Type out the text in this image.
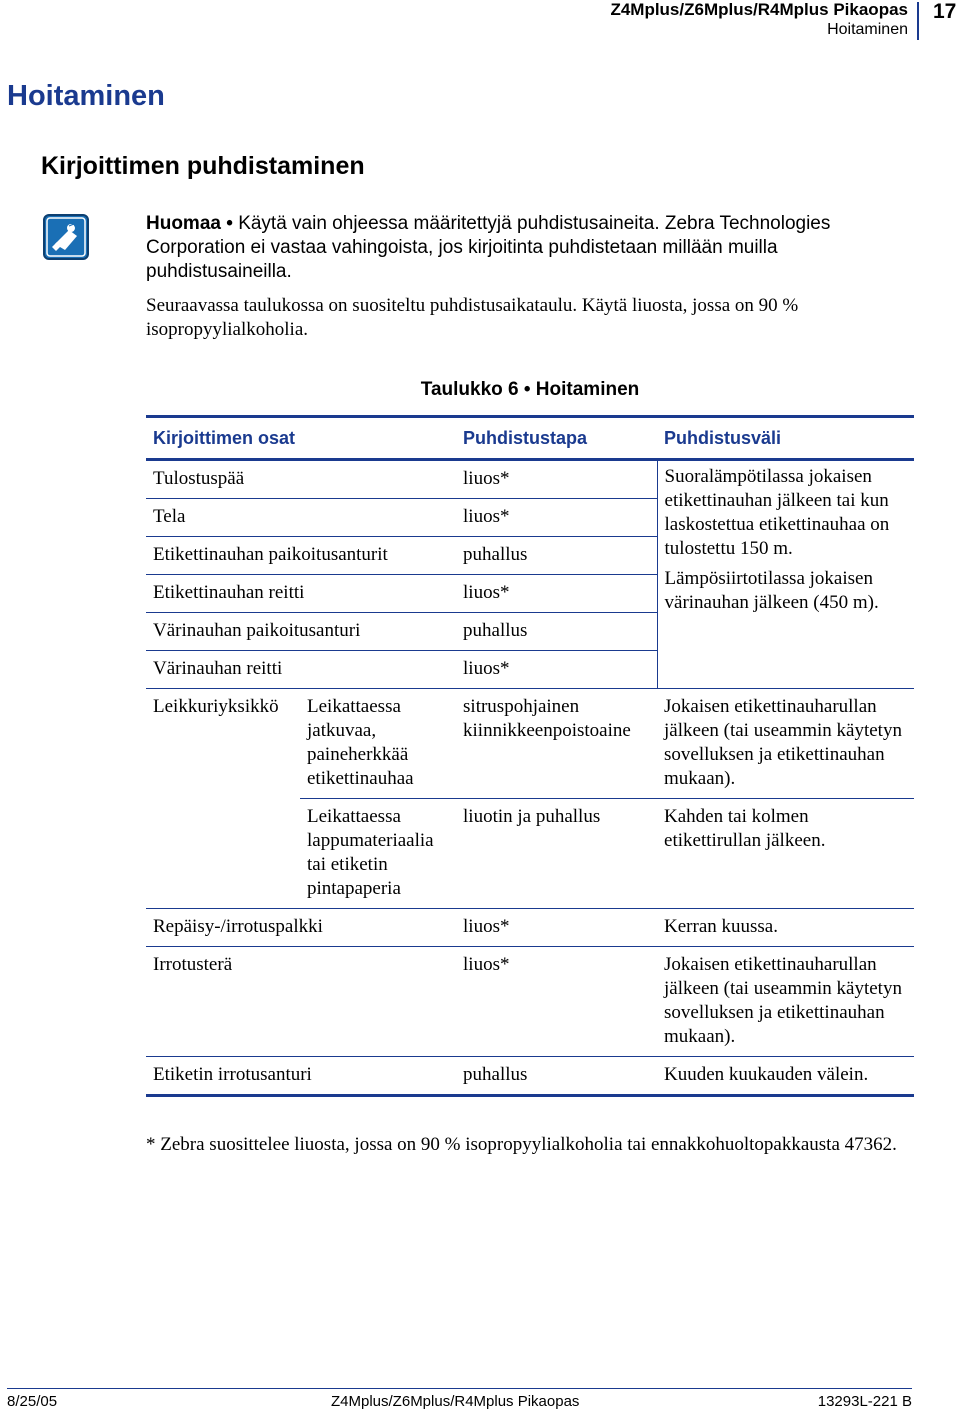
Z4Mplus/Z6Mplus/R4Mplus Pikaopas
Hoitaminen
17
Hoitaminen
Kirjoittimen puhdistaminen
Huomaa • Käytä vain ohjeessa määritettyjä puhdistusaineita. Zebra Technologies Corporation ei vastaa vahingoista, jos kirjoitinta puhdistetaan millään muilla puhdistusaineilla.
Seuraavassa taulukossa on suositeltu puhdistusaikataulu. Käytä liuosta, jossa on 90 % isopropyylialkoholia.
Taulukko 6 • Hoitaminen
Kirjoittimen osat		Puhdistustapa	Puhdistusväli
Tulostuspää		liuos*	Suoralämpötilassa jokaisen etikettinauhan jälkeen tai kun laskostettua etikettinauhaa on tulostettu 150 m.
Lämpösiirtotilassa jokaisen värinauhan jälkeen (450 m).

Tela		liuos*	
Etikettinauhan paikoitusanturit		puhallus	
Etikettinauhan reitti		liuos*	
Värinauhan paikoitusanturi		puhallus	
Värinauhan reitti		liuos*	
Leikkuriyksikkö	Leikattaessa jatkuvaa, paineherkkää etikettinauhaa	sitruspohjainen kiinnikkeenpoistoaine	Jokaisen etikettinauharullan jälkeen (tai useammin käytetyn sovelluksen ja etikettinauhan mukaan).
	Leikattaessa lappumateriaalia tai etiketin pintapaperia	liuotin ja puhallus	Kahden tai kolmen etikettirullan jälkeen.
Repäisy-/irrotuspalkki		liuos*	Kerran kuussa.
Irrotusterä		liuos*	Jokaisen etikettinauharullan jälkeen (tai useammin käytetyn sovelluksen ja etikettinauhan mukaan).
Etiketin irrotusanturi		puhallus	Kuuden kuukauden välein.
* Zebra suosittelee liuosta, jossa on 90 % isopropyylialkoholia tai ennakkohuoltopakkausta 47362.
8/25/05	Z4Mplus/Z6Mplus/R4Mplus Pikaopas	13293L-221 B
